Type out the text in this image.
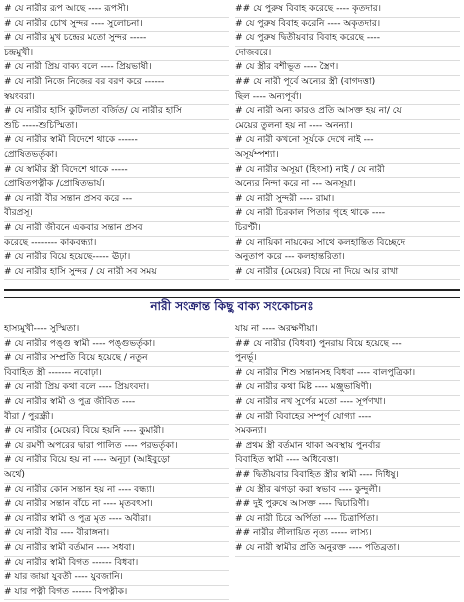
# যে নারীর রূপ আছে ---- রূপসী।
# যে নারীর চোখ সুন্দর ---- সুলোচনা।
# যে নারীর মুখ চন্দ্রের মতো সুন্দর -----
চন্দ্রমুখী।
# যে নারী প্রিয় বাক্য বলে ---- প্রিয়ভাষী।
# যে নারী নিজে নিজের বর বরণ করে ------
স্বয়ংবরা।
# যে নারীর হাসি কুটিলতা বর্জিত/ যে নারীর হাসি
শুচি -----শুচিস্মিতা।
# যে নারীর স্বামী বিদেশে থাকে ------
প্রোষিতভর্তৃকা।
# যে স্বামীর স্ত্রী বিদেশে থাকে -----
প্রোষিতপত্নীক /প্রোষিতভার্য।
# যে নারী বীর সন্তান প্রসব করে ---
বীরপ্রসূ।
# যে নারী জীবনে একবার সন্তান প্রসব
করেছে -------- কাকবন্ধ্যা।
# যে নারীর বিয়ে হয়েছে----- ঊঢ়া।
# যে নারীর হাসি সুন্দর / যে নারী সব সময়
## যে পুরুষ বিবাহ করেছে ---- কৃতদার।
# যে পুরুষ বিবাহ করেনি ---- অকৃতদার।
# যে পুরুষ দ্বিতীয়বার বিবাহ করেছে ----
দোজবরে।
# যে স্ত্রীর বশীভূত ---- স্ত্রৈণ।
## যে নারী পূর্বে অন্যের স্ত্রী (বাগদত্তা)
ছিল ---- অন্যপূর্বা।
# যে নারী অন্য কারও প্রতি আসক্ত হয় না/ যে
মেয়ের তুলনা হয় না ---- অনন্যা।
# যে নারী কখনো সূর্যকে দেখে নাই ---
অসূর্যম্পশ্যা।
# যে নারীর অসূয়া (হিংসা) নাই / যে নারী
অন্যের নিন্দা করে না --- অনসূয়া।
# যে নারী সুন্দরী ---- রামা।
# যে নারী চিরকাল পিতার গৃহে থাকে ----
চিরণ্টী।
# যে নায়িকা নায়কের সাথে কলহান্তিত বিচ্ছেদে
অনুতাপ করে --- কলহান্তরিতা।
# যে নারীর (মেয়ের) বিয়ে না দিয়ে আর রাখা
নারী সংক্রান্ত কিছু বাক্য সংকোচনঃ
হাস্যমুখী---- সুস্মিতা।
# যে নারীর পঙ্গু স্বামী ---- পঙ্গুভর্তৃকা।
# যে নারীর সম্প্রতি বিয়ে হয়েছে / নতুন
বিবাহিত স্ত্রী ------- নবোঢ়া।
# যে নারী প্রিয় কথা বলে ---- প্রিয়ংবদা।
# যে নারীর স্বামী ও পুত্র জীবিত ----
বীরা / পুরন্ধ্রী।
# যে নারীর (মেয়ের) বিয়ে হয়নি ---- কুমারী।
# যে রমণী অপরের দ্বারা পালিত ---- পরভর্তৃকা।
# যে নারীর বিয়ে হয় না ---- অনূঢ়া (আইবুড়ো
অর্থে)
# যে নারীর কোন সন্তান হয় না ---- বন্ধ্যা।
# যে নারীর সন্তান বাঁচে না ---- মৃতবৎসা।
# যে নারীর স্বামী ও পুত্র মৃত ---- অবীরা।
# যে নারী বীর ---- বীরাঙ্গনা।
# যে নারীর স্বামী বর্তমান ---- সধবা।
# যে নারীর স্বামী বিগত ------ বিধবা।
# যার জায়া যুবতী ---- যুবজানি।
# যার পত্নী বিগত ------ বিপত্নীক।
যায় না ---- অরক্ষণীয়া।
## যে নারীর (বিধবা) পুনরায় বিয়ে হয়েছে ---
পুনর্ভূ।
# যে নারীর শিশু সন্তানসহ বিধবা ---- বালপুত্রিকা।
# যে নারীর কথা মিষ্ট ---- মঞ্জুভাষিণী।
# যে নারীর নখ সুর্পের মতো ---- সূর্পণখা।
# যে নারী বিবাহের সম্পূর্ণ যোগ্যা ----
সমকন্যা।
# প্রথম স্ত্রী বর্তমান থাকা অবস্থায় পুনর্বার
বিবাহিত স্বামী ---- অধিবেত্তা।
## দ্বিতীয়বার বিবাহিত স্ত্রীর স্বামী ---- দিধিষু।
# যে স্ত্রীর ঝগড়া করা স্বভাব ---- কুন্দুলী।
## দুই পুরুষে আসক্ত ---- দ্বিচারিণী।
# যে নারী চিরে অর্পিতা ---- চিত্রার্পিতা।
## নারীর লীলায়িত নৃত্য ----- লাস্য।
# যে নারী স্বামীর প্রতি অনুরক্ত ---- পতিব্রতা।
